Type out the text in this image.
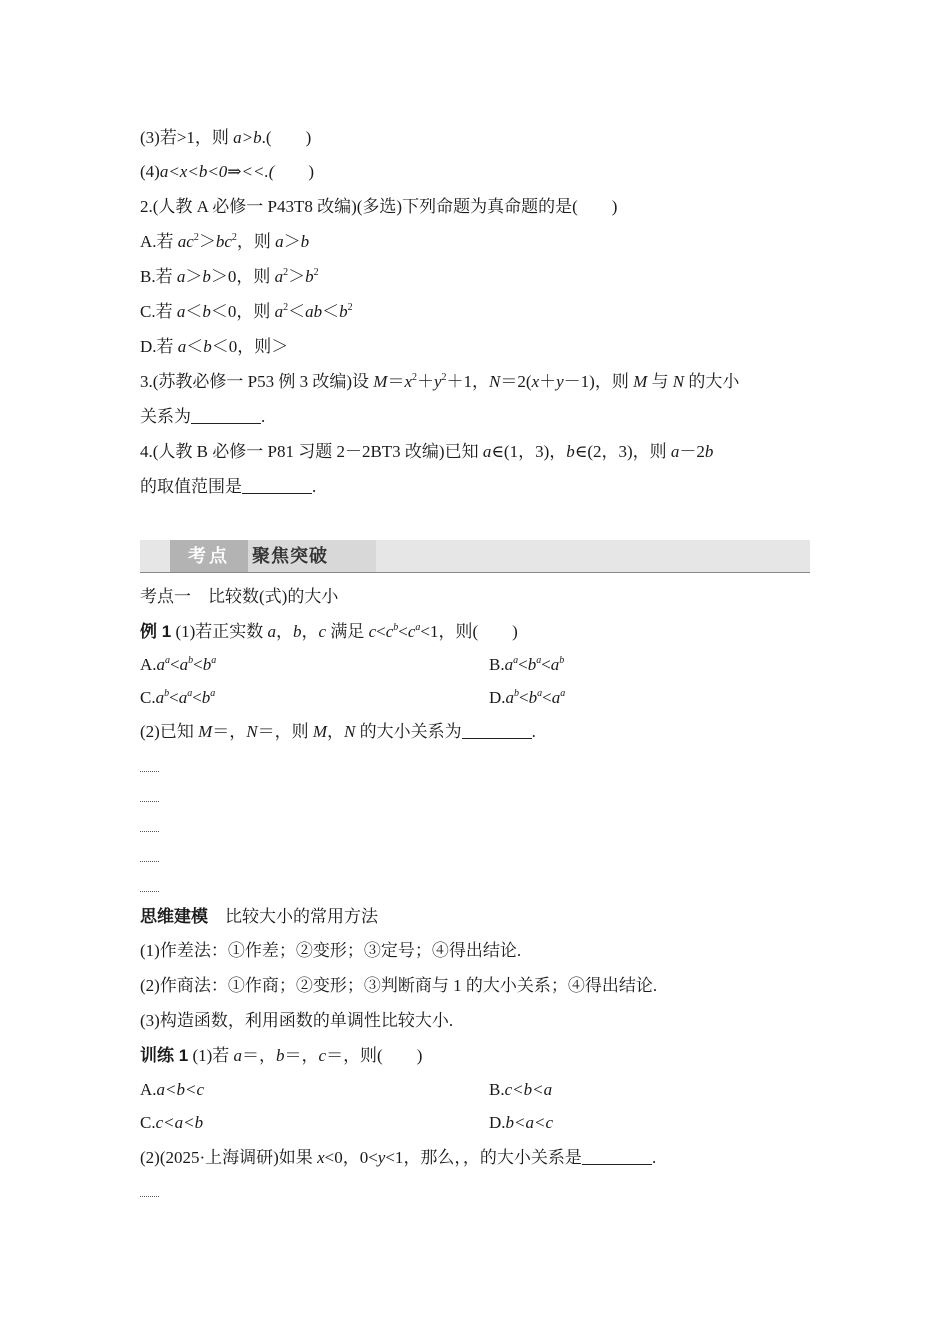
(3)若>1，则 a>b.( )
(4)a<x<b<0⇒<<.( )
2.(人教 A 必修一 P43T8 改编)(多选)下列命题为真命题的是( )
A.若 $ac^2>bc^2$，则 a＞b
B.若 a＞b＞0，则 $a^2>b^2$
C.若 a＜b＜0，则 $a^2<ab<b^2$
D.若 a＜b＜0，则＞
3.(苏教必修一 P53 例 3 改编)设 $M=x^2+y^2+1$，N＝2(x＋y－1)，则 M 与 N 的大小
关系为	.
4.(人教 B 必修一 P81 习题 2－2BT3 改编)已知 a∈(1，3)，b∈(2，3)，则 a－2b
的取值范围是	.
考点	聚焦突破
考点一　比较数(式)的大小
例 1 (1)若正实数 a，b，c 满足 $c<c^b<c^a<1$，则( )
$A.a^a<a^b<b^a$	$B.a^a<b^a<a^b$
$C.a^b<a^a<b^a$	$D.a^b<b^a<a^a$
(2)已知 M＝，N＝，则 M，N 的大小关系为	.
思维建模　 比较大小的常用方法
(1)作差法：①作差；②变形；③定号；④得出结论.
(2)作商法：①作商；②变形；③判断商与 1 的大小关系；④得出结论.
(3)构造函数，利用函数的单调性比较大小.
训练 1 (1)若 a＝，b＝，c＝，则( )
A.a<b<c	B.c<b<a
C.c<a<b	D.b<a<c
(2)(2025·上海调研)如果 x<0，0<y<1，那么，，的大小关系是	.
